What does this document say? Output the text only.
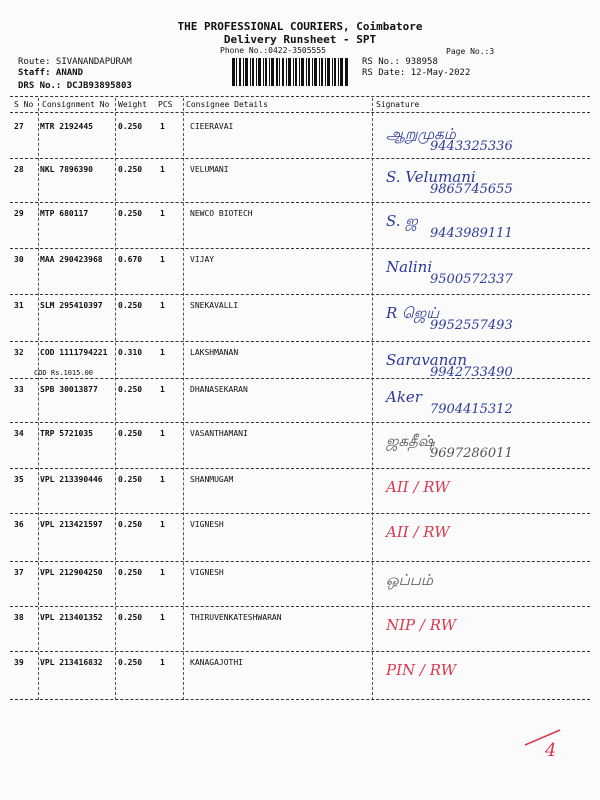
THE PROFESSIONAL COURIERS, Coimbatore
Delivery Runsheet - SPT
Phone No.:0422-3505555	Page No.:3
Route: SIVANANDAPURAM
Staff: ANAND
DRS No.: DCJB93895803
RS No.: 938958
RS Date: 12-May-2022
S No Consignment No Weight PCS Consignee Details	Signature
27 MTR 2192445	0.250 1	CIEERAVAI	ஆறுமுகம்
9443325336
28 NKL 7896390	0.250 1	VELUMANI	S. Velumani
9865745655
29 MTP 680117	0.250 1	NEWCO BIOTECH	S. ஜ
9443989111
30 MAA 290423968 0.670 1	VIJAY	Nalini
9500572337
31 SLM 295410397 0.250 1	SNEKAVALLI	R ஜெய்
9952557493
32 COD 1111794221 0.310 1	LAKSHMANAN
COD Rs.1015.00
Saravanan
9942733490
33 SPB 30013877	0.250 1	DHANASEKARAN	Aker
7904415312
34 TRP 5721035	0.250 1	VASANTHAMANI	ஜகதீஷ்
9697286011
35 VPL 213390446 0.250 1	SHANMUGAM	AII / RW
36 VPL 213421597 0.250 1	VIGNESH	AII / RW
37 VPL 212904250 0.250 1	VIGNESH	ஒப்பம்
38 VPL 213401352 0.250 1	THIRUVENKATESHWARAN	NIP / RW
39 VPL 213416832 0.250 1	KANAGAJOTHI	PIN / RW
4
